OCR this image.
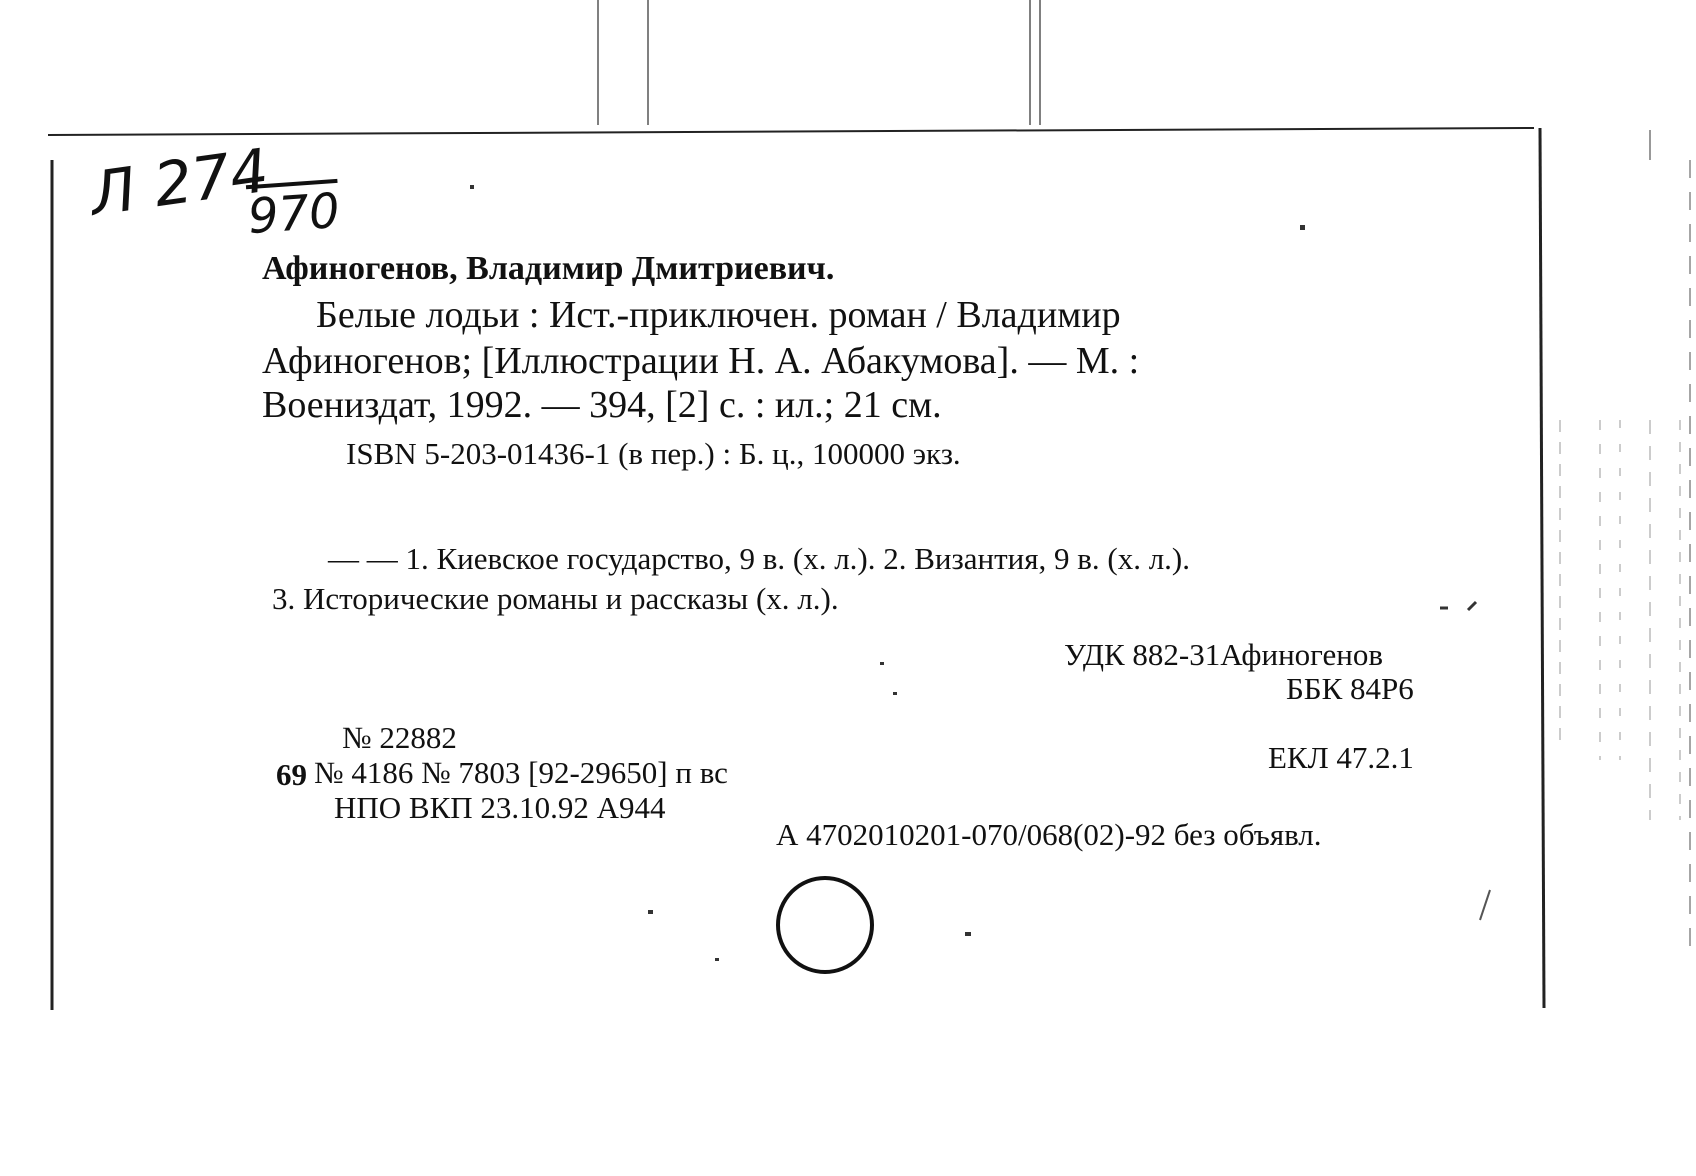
Л 274
970
Афиногенов, Владимир Дмитриевич.
Белые лодьи : Ист.-приключен. роман / Владимир
Афиногенов; [Иллюстрации Н. А. Абакумова]. — М. :
Воениздат, 1992. — 394, [2] с. : ил.; 21 см.
ISBN 5-203-01436-1 (в пер.) : Б. ц., 100000 экз.
— — 1. Киевское государство, 9 в. (х. л.). 2. Византия, 9 в. (х. л.).
3. Исторические романы и рассказы (х. л.).
УДК 882-31Афиногенов
ББК 84Р6
ЕКЛ 47.2.1
№ 22882
69 № 4186 № 7803 [92-29650] п вс
НПО ВКП 23.10.92 А944
А 4702010201-070/068(02)-92 без объявл.
